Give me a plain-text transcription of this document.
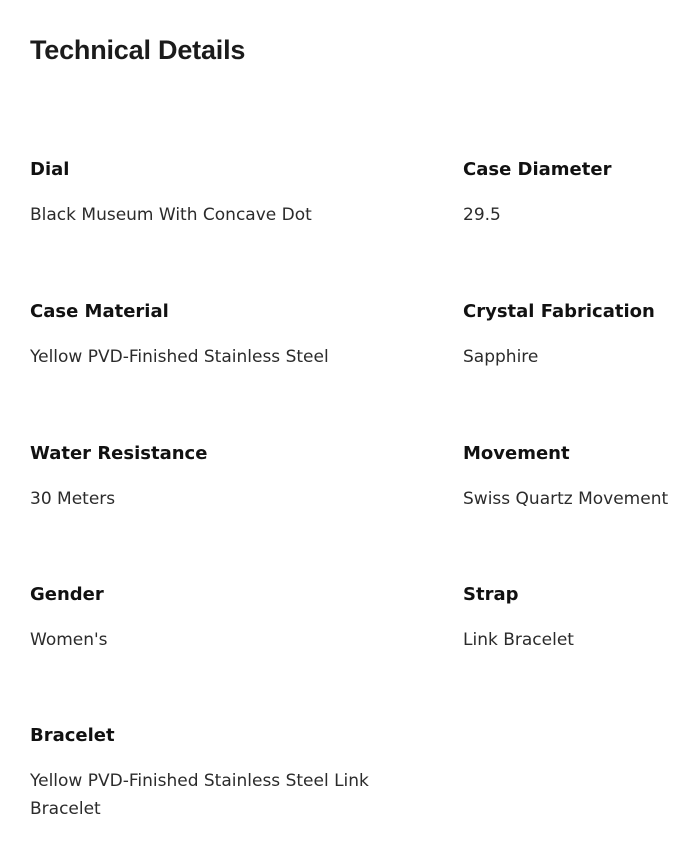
Technical Details
Dial
Black Museum With Concave Dot
Case Diameter
29.5
Case Material
Yellow PVD-Finished Stainless Steel
Crystal Fabrication
Sapphire
Water Resistance
30 Meters
Movement
Swiss Quartz Movement
Gender
Women's
Strap
Link Bracelet
Bracelet
Yellow PVD-Finished Stainless Steel Link Bracelet
